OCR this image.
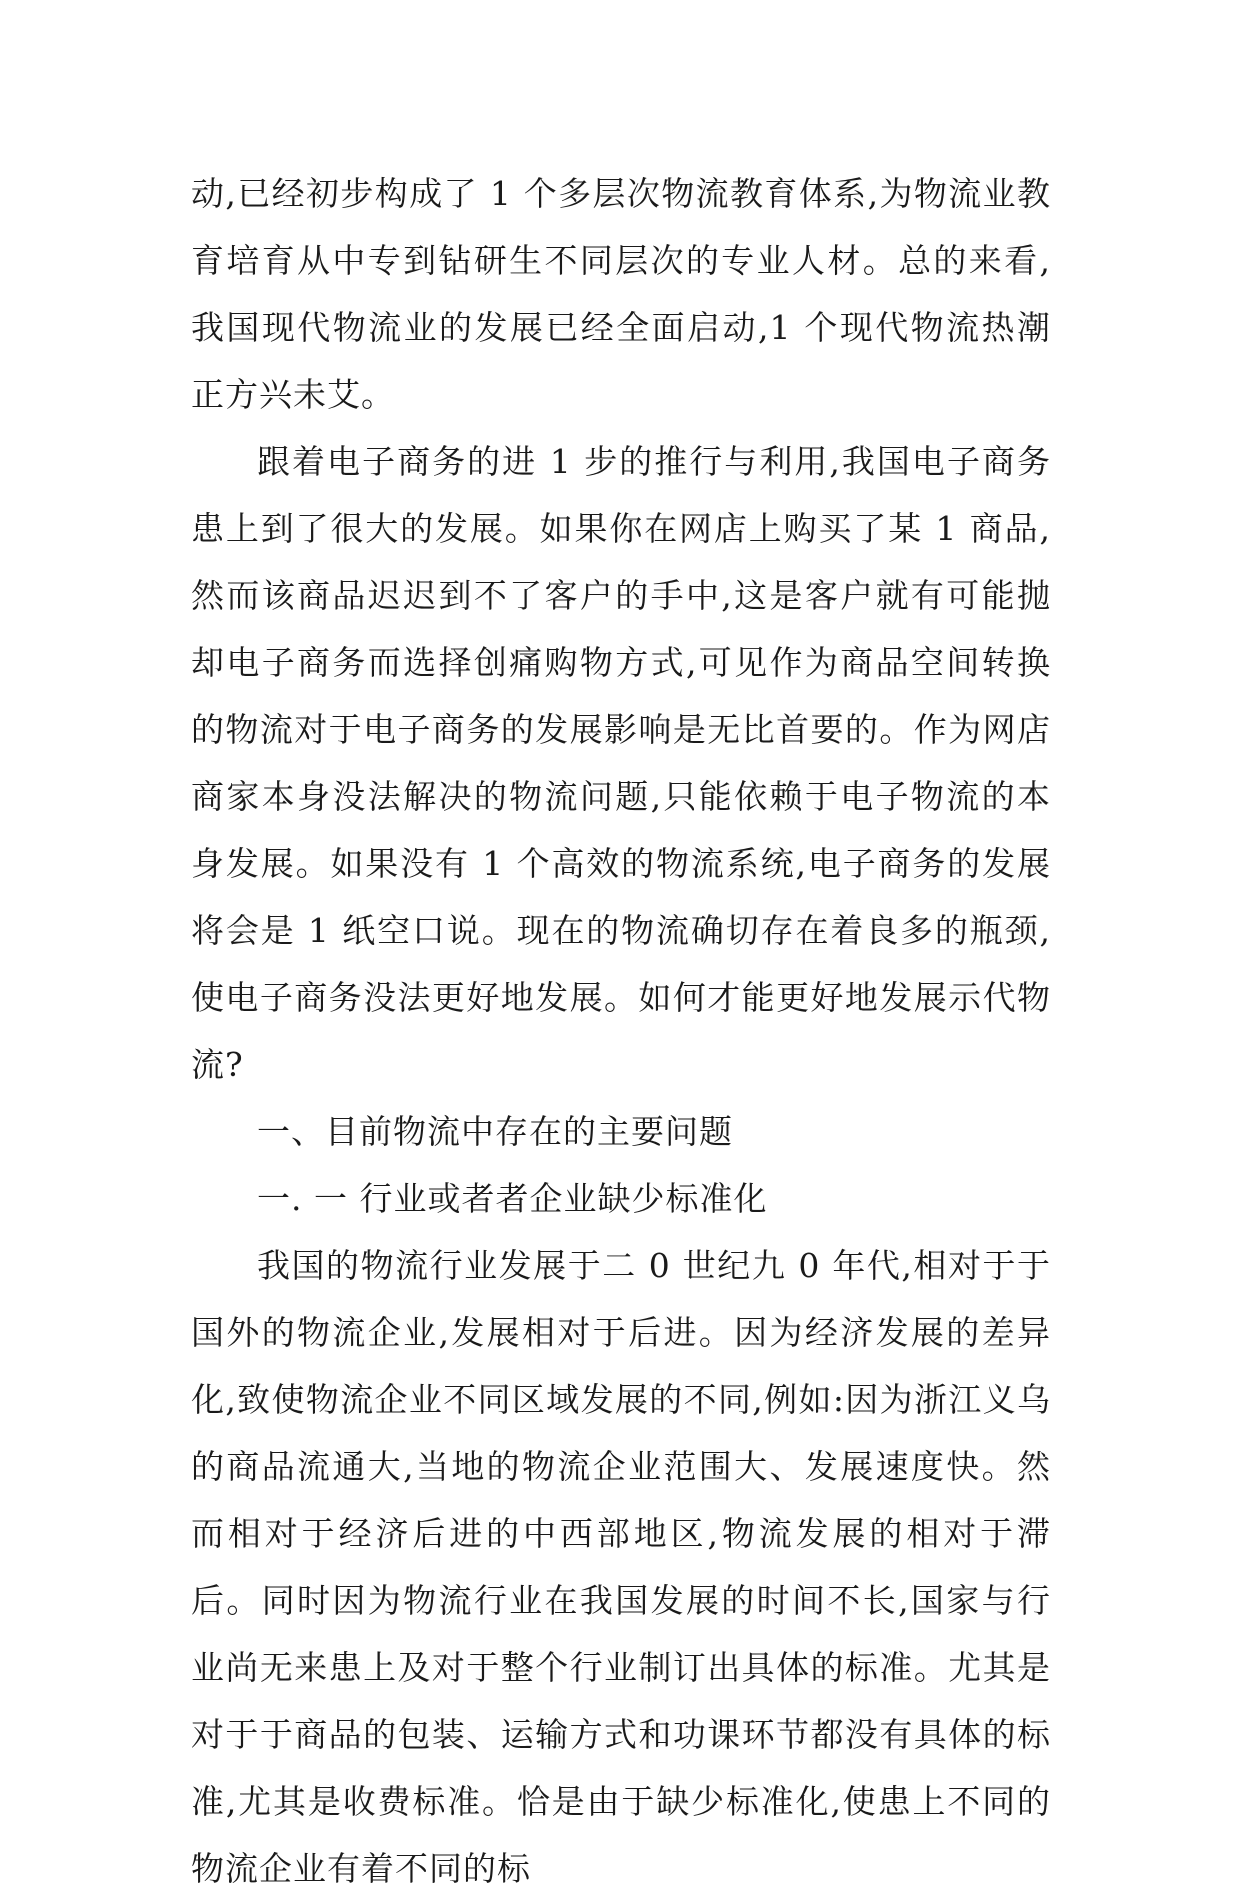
动,已经初步构成了 1 个多层次物流教育体系,为物流业教育培育从中专到钻研生不同层次的专业人材。总的来看,我国现代物流业的发展已经全面启动,1 个现代物流热潮正方兴未艾。

跟着电子商务的进 1 步的推行与利用,我国电子商务患上到了很大的发展。如果你在网店上购买了某 1 商品,然而该商品迟迟到不了客户的手中,这是客户就有可能抛却电子商务而选择创痛购物方式,可见作为商品空间转换的物流对于电子商务的发展影响是无比首要的。作为网店商家本身没法解决的物流问题,只能依赖于电子物流的本身发展。如果没有 1 个高效的物流系统,电子商务的发展将会是 1 纸空口说。现在的物流确切存在着良多的瓶颈,使电子商务没法更好地发展。如何才能更好地发展示代物流?

一、目前物流中存在的主要问题

一. 一 行业或者者企业缺少标准化

我国的物流行业发展于二 0 世纪九 0 年代,相对于于国外的物流企业,发展相对于后进。因为经济发展的差异化,致使物流企业不同区域发展的不同,例如:因为浙江义乌的商品流通大,当地的物流企业范围大、发展速度快。然而相对于经济后进的中西部地区,物流发展的相对于滞后。同时因为物流行业在我国发展的时间不长,国家与行业尚无来患上及对于整个行业制订出具体的标准。尤其是对于于商品的包装、运输方式和功课环节都没有具体的标准,尤其是收费标准。恰是由于缺少标准化,使患上不同的物流企业有着不同的标
